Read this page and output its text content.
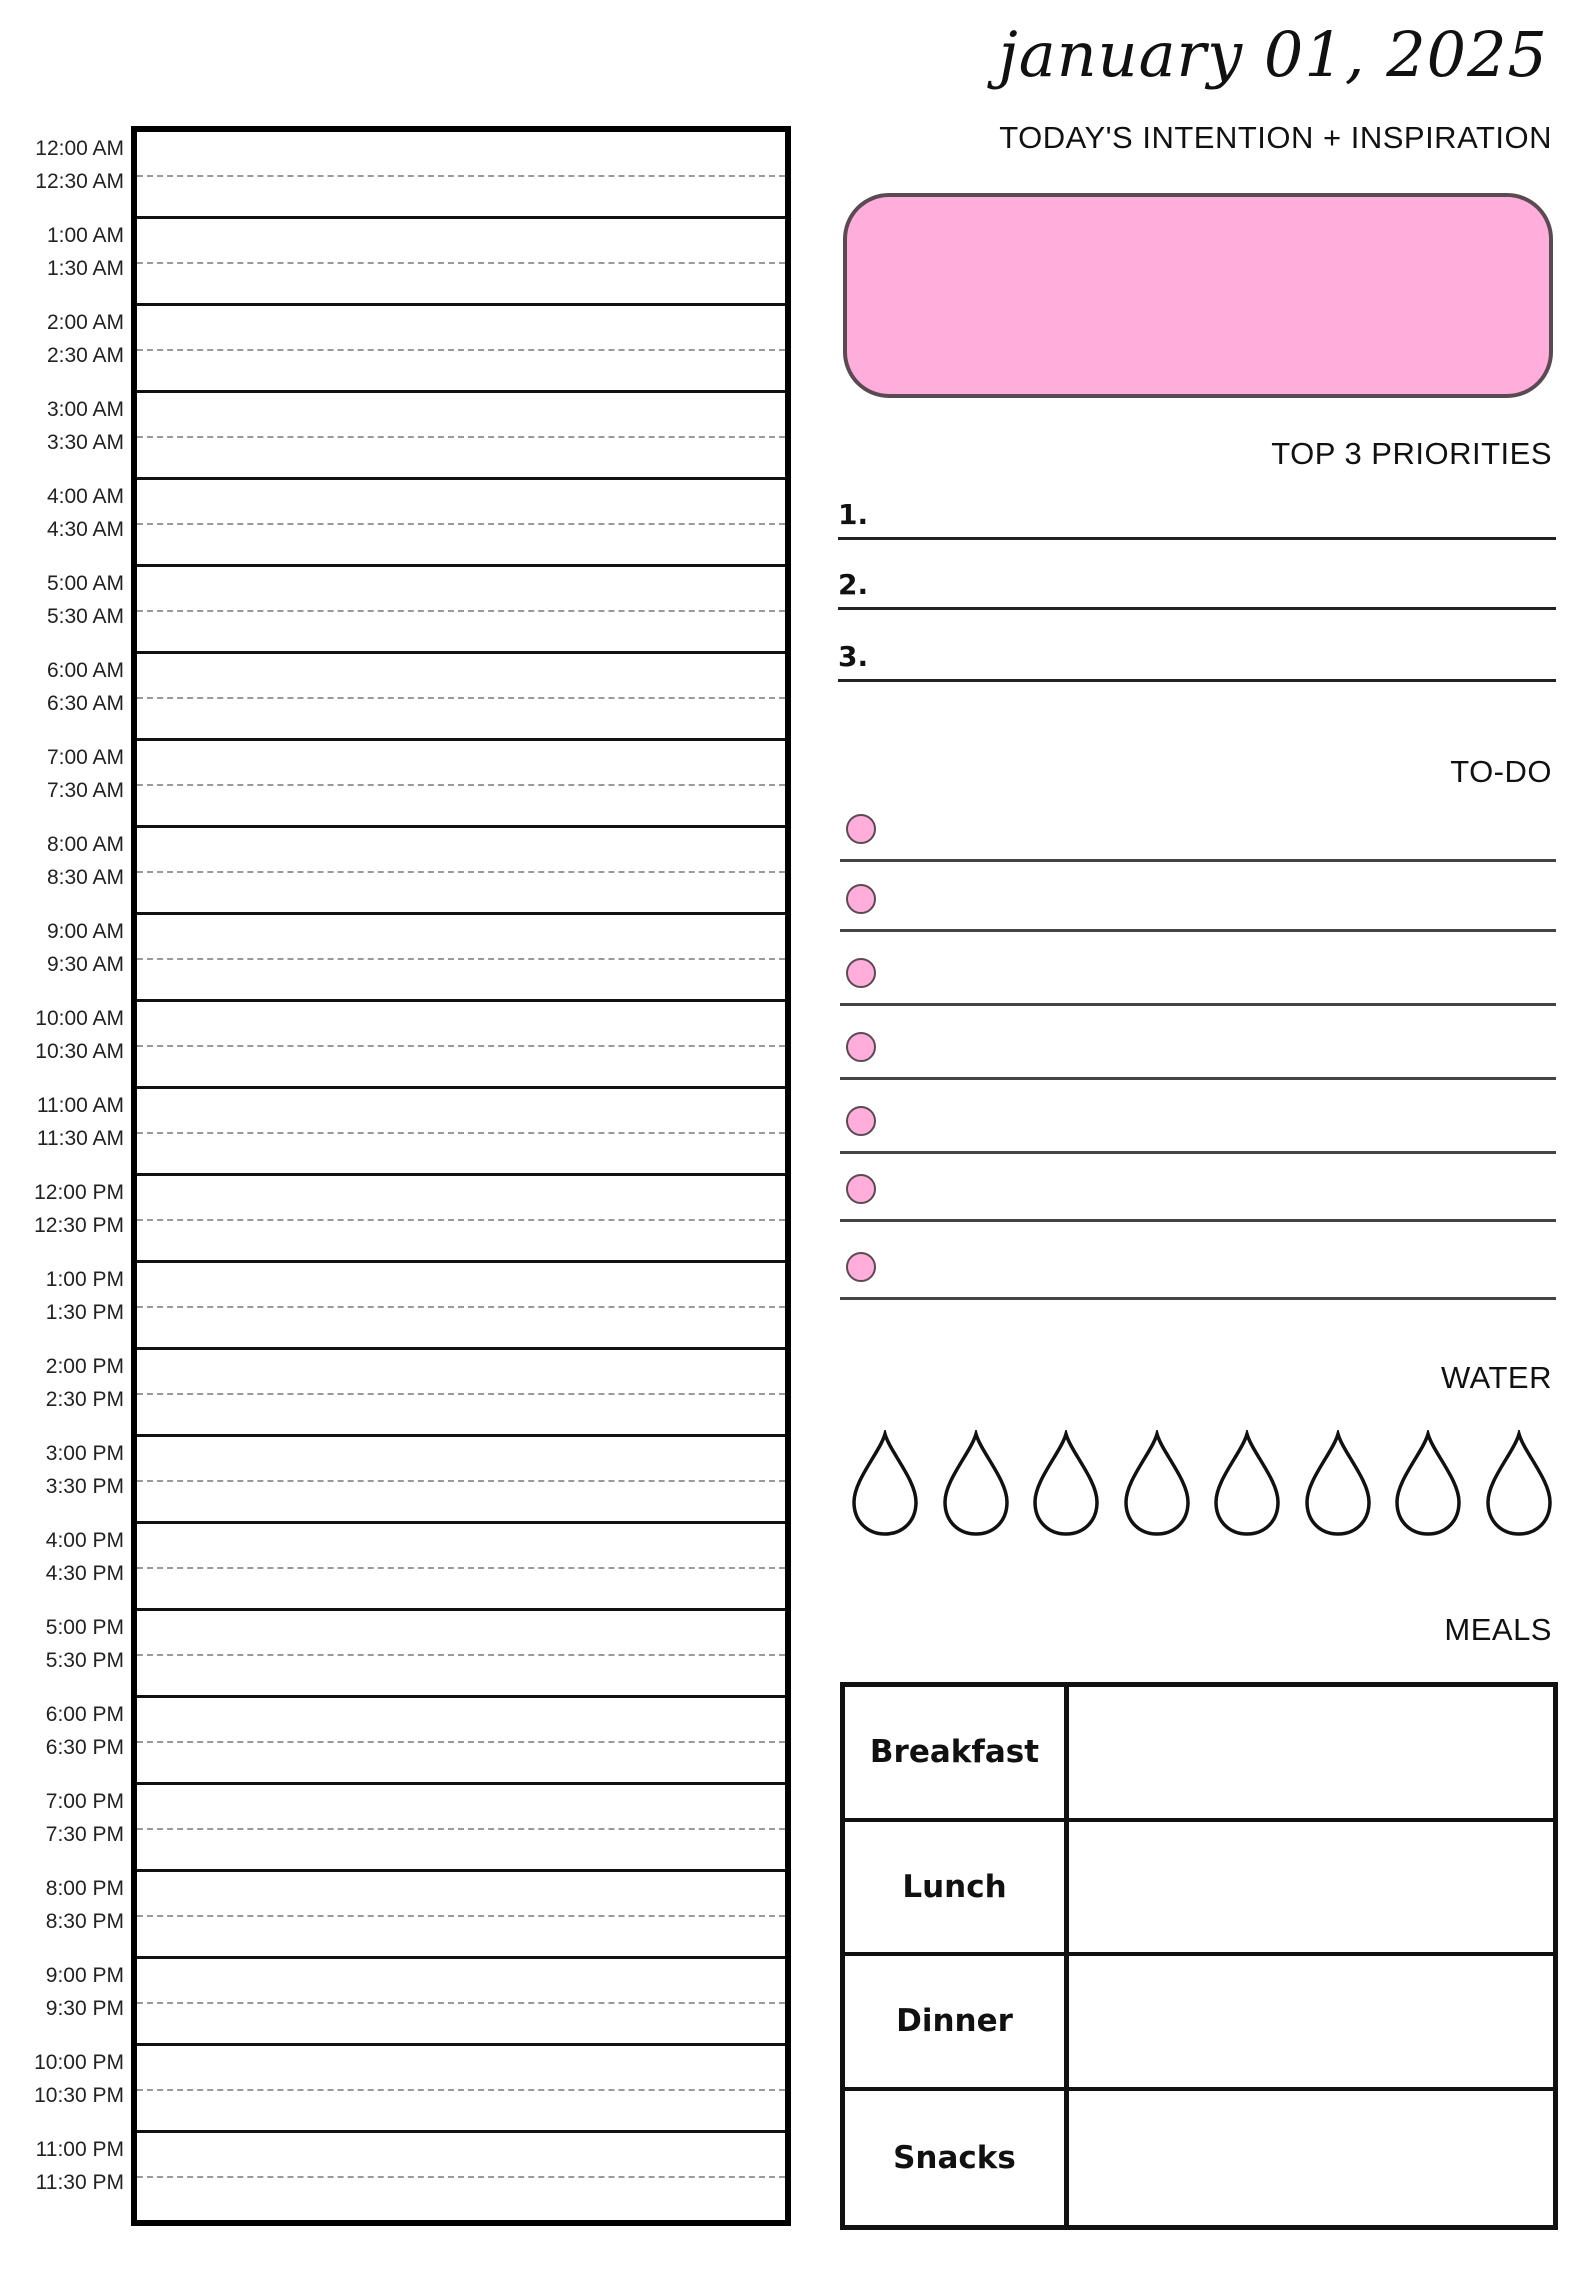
january 01, 2025
12:00 AM
12:30 AM
1:00 AM
1:30 AM
2:00 AM
2:30 AM
3:00 AM
3:30 AM
4:00 AM
4:30 AM
5:00 AM
5:30 AM
6:00 AM
6:30 AM
7:00 AM
7:30 AM
8:00 AM
8:30 AM
9:00 AM
9:30 AM
10:00 AM
10:30 AM
11:00 AM
11:30 AM
12:00 PM
12:30 PM
1:00 PM
1:30 PM
2:00 PM
2:30 PM
3:00 PM
3:30 PM
4:00 PM
4:30 PM
5:00 PM
5:30 PM
6:00 PM
6:30 PM
7:00 PM
7:30 PM
8:00 PM
8:30 PM
9:00 PM
9:30 PM
10:00 PM
10:30 PM
11:00 PM
11:30 PM
TODAY'S INTENTION + INSPIRATION
TOP 3 PRIORITIES
1.
2.
3.
TO-DO
WATER
MEALS
Breakfast
Lunch
Dinner
Snacks
